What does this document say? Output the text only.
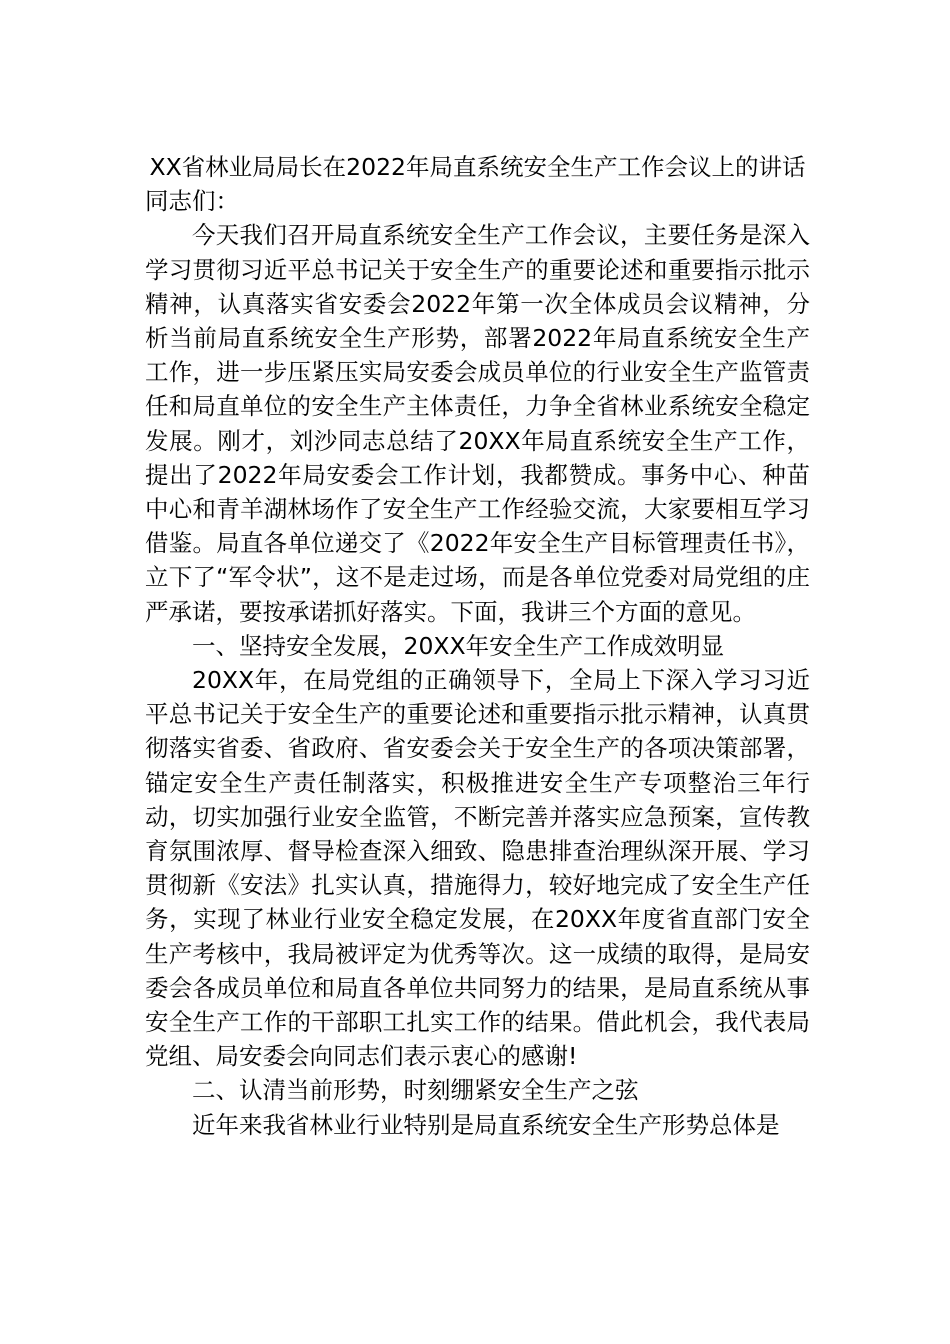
XX省林业局局长在2022年局直系统安全生产工作会议上的讲话

同志们：

今天我们召开局直系统安全生产工作会议，主要任务是深入学习贯彻习近平总书记关于安全生产的重要论述和重要指示批示精神，认真落实省安委会2022年第一次全体成员会议精神，分析当前局直系统安全生产形势，部署2022年局直系统安全生产工作，进一步压紧压实局安委会成员单位的行业安全生产监管责任和局直单位的安全生产主体责任，力争全省林业系统安全稳定发展。刚才，刘沙同志总结了20XX年局直系统安全生产工作，提出了2022年局安委会工作计划，我都赞成。事务中心、种苗中心和青羊湖林场作了安全生产工作经验交流，大家要相互学习借鉴。局直各单位递交了《2022年安全生产目标管理责任书》，立下了“军令状”，这不是走过场，而是各单位党委对局党组的庄严承诺，要按承诺抓好落实。下面，我讲三个方面的意见。

一、坚持安全发展，20XX年安全生产工作成效明显

20XX年，在局党组的正确领导下，全局上下深入学习习近平总书记关于安全生产的重要论述和重要指示批示精神，认真贯彻落实省委、省政府、省安委会关于安全生产的各项决策部署，锚定安全生产责任制落实，积极推进安全生产专项整治三年行动，切实加强行业安全监管，不断完善并落实应急预案，宣传教育氛围浓厚、督导检查深入细致、隐患排查治理纵深开展、学习贯彻新《安法》扎实认真，措施得力，较好地完成了安全生产任务，实现了林业行业安全稳定发展，在20XX年度省直部门安全生产考核中，我局被评定为优秀等次。这一成绩的取得，是局安委会各成员单位和局直各单位共同努力的结果，是局直系统从事安全生产工作的干部职工扎实工作的结果。借此机会，我代表局党组、局安委会向同志们表示衷心的感谢!

二、认清当前形势，时刻绷紧安全生产之弦

近年来我省林业行业特别是局直系统安全生产形势总体是
